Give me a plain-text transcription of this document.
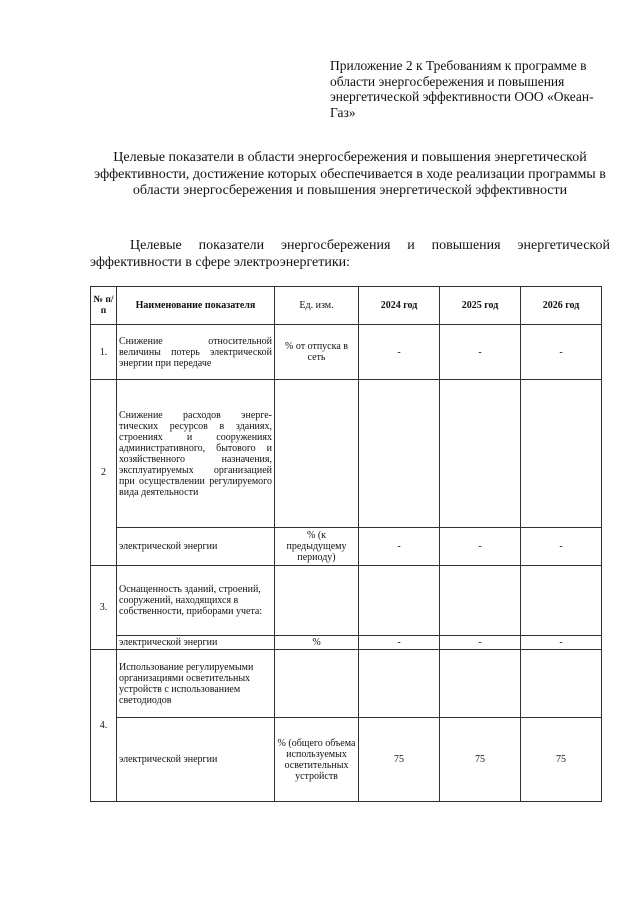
Приложение 2 к Требованиям к программе в области энергосбережения и повышения энергетической эффективности ООО «Океан-Газ»
Целевые показатели в области энергосбережения и повышения энергетической эффективности, достижение которых обеспечивается в ходе реализации программы в области энергосбережения и повышения энергетической эффективности
Целевые показатели энергосбережения и повышения энергетической эффективности в сфере электроэнергетики:
№ п/п	Наименование показателя	Ед. изм.	2024 год	2025 год	2026 год
1.	Снижение относительной величины потерь электрической энергии при передаче	% от отпуска в сеть	-	-	-
2	Снижение расходов энерге-тических ресурсов в зданиях, строениях и сооружениях административного, бытового и хозяйственного назначения, эксплуатируемых организацией при осуществлении регулируемого вида деятельности				
	электрической энергии	% (к предыдущему периоду)	-	-	-
3.	Оснащенность зданий, строений, сооружений, находящихся в собственности, приборами учета:				
	электрической энергии	%	-	-	-
4.	Использование регулируемыми организациями осветительных устройств с использованием светодиодов				
	электрической энергии	% (общего объема используемых осветительных устройств	75	75	75
